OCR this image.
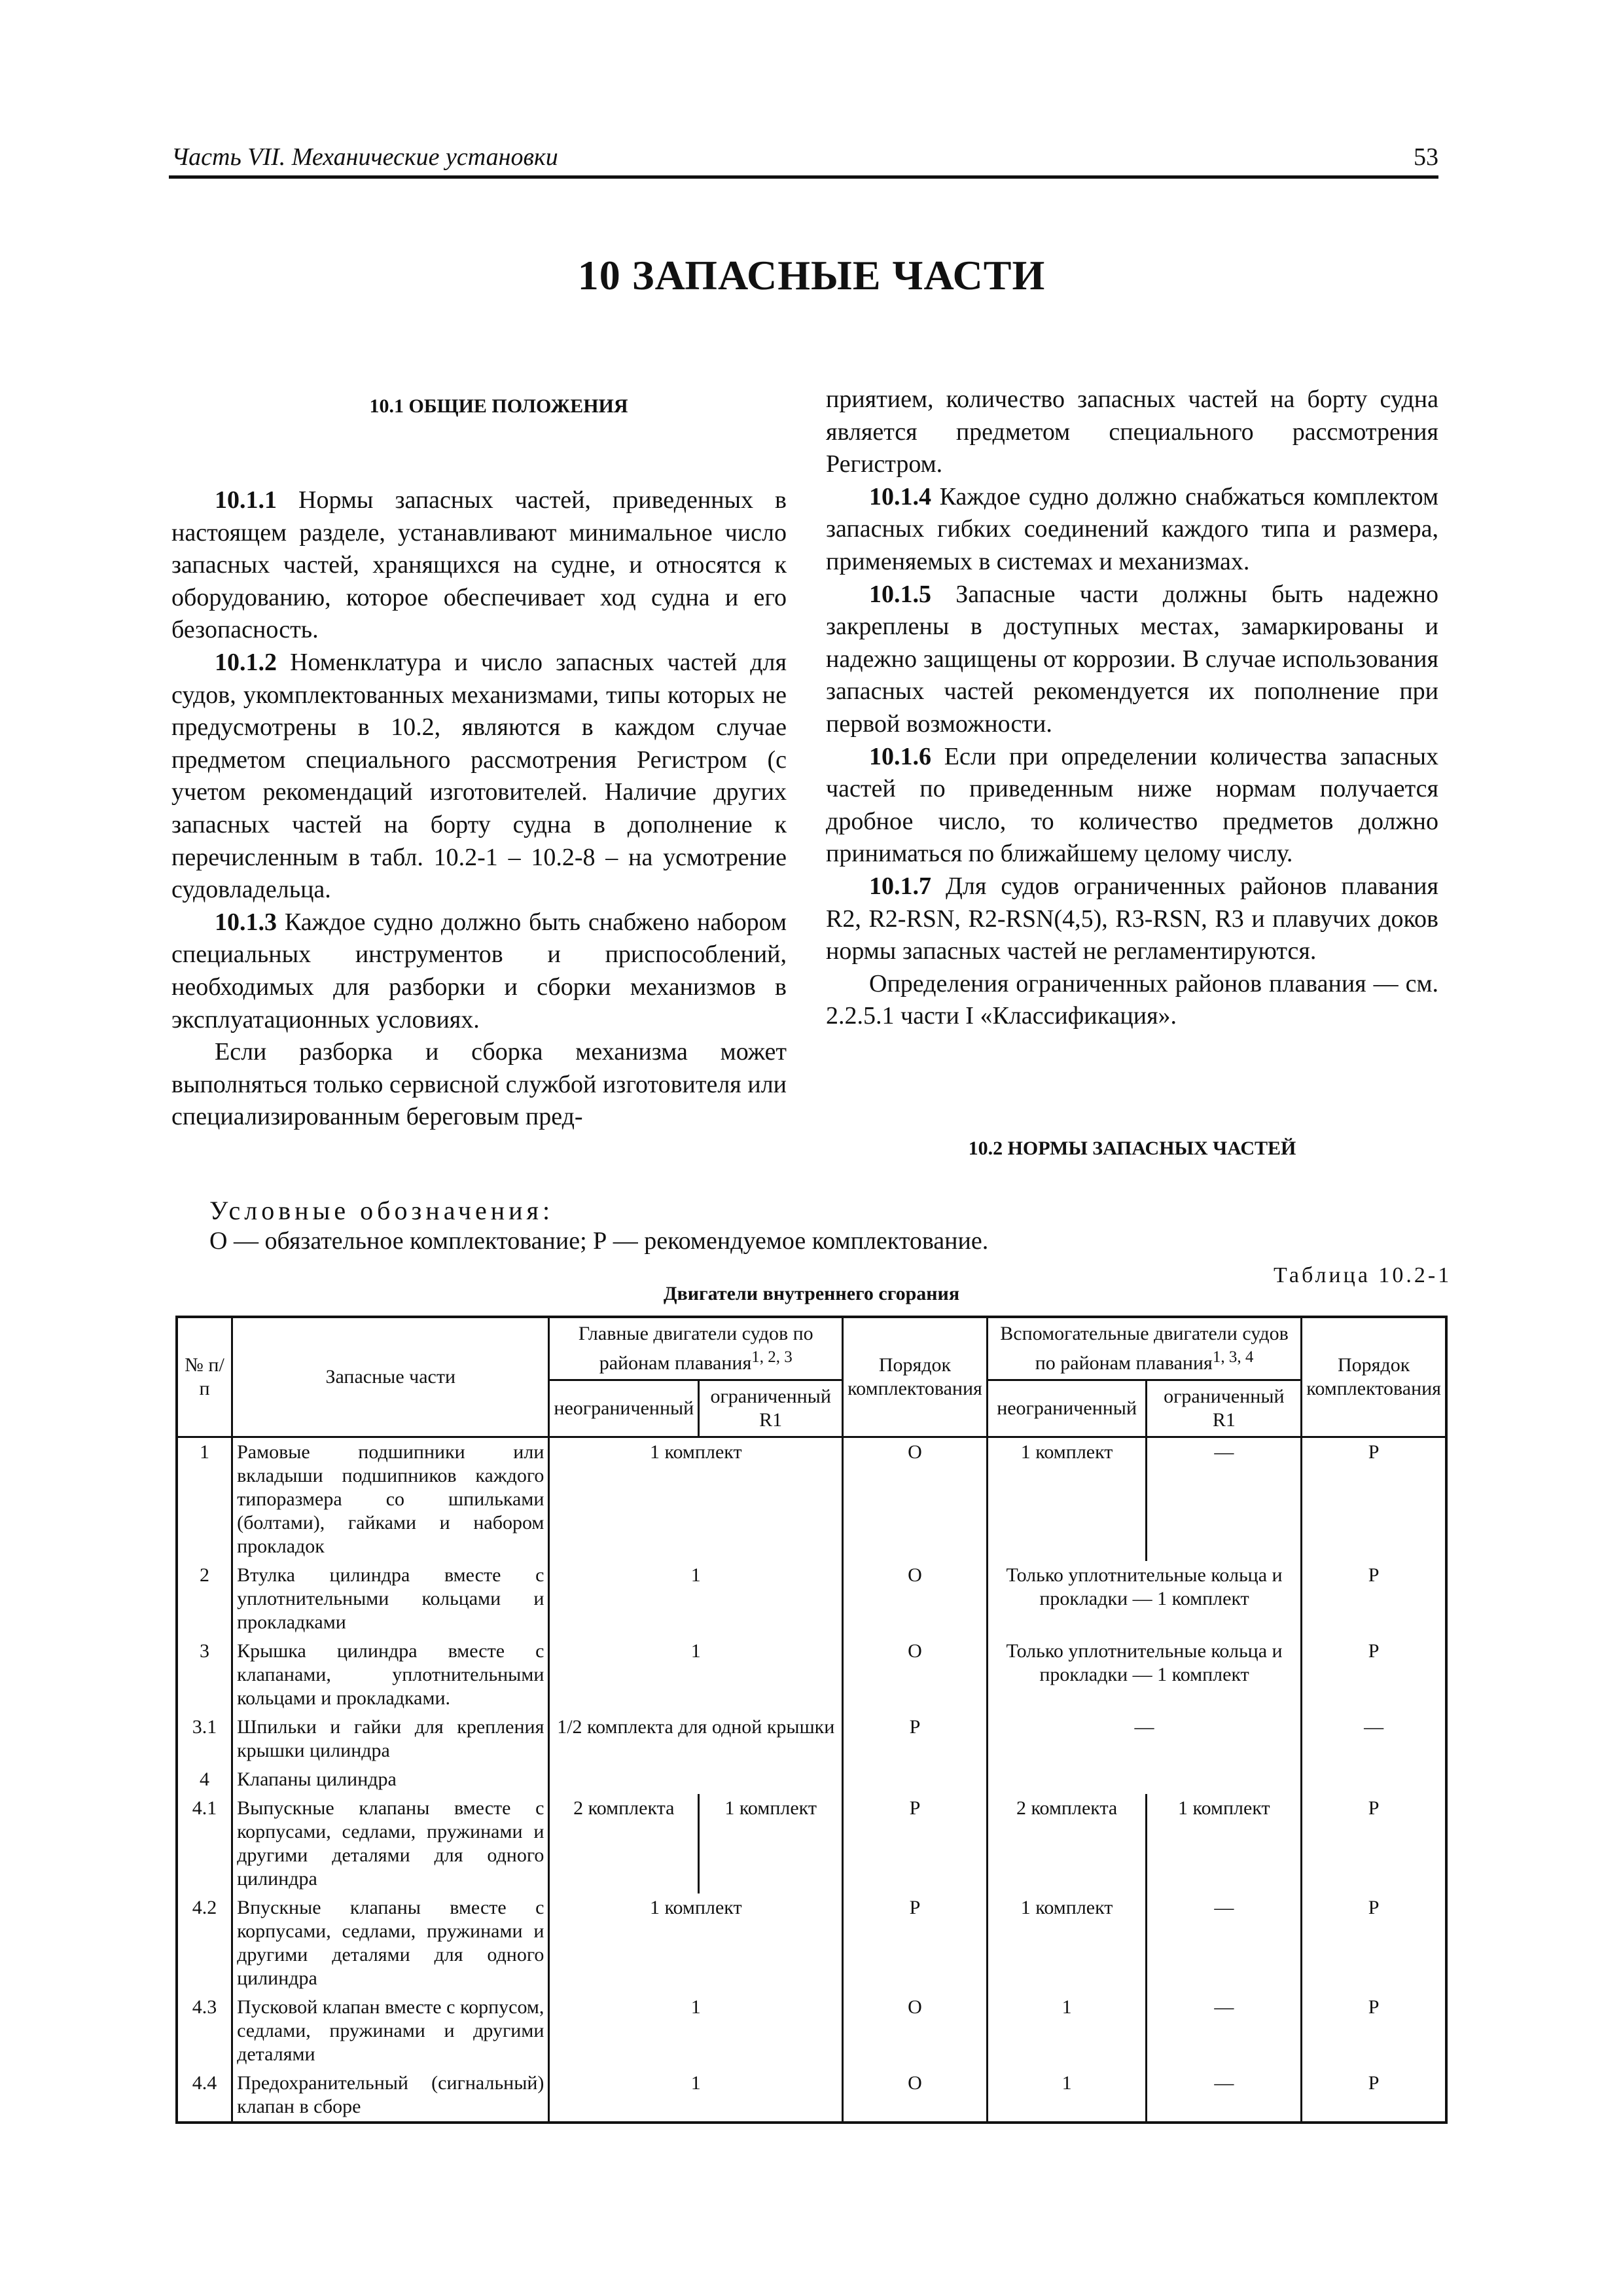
Часть VII. Механические установки	53
10 ЗАПАСНЫЕ ЧАСТИ
10.1 ОБЩИЕ ПОЛОЖЕНИЯ

10.1.1 Нормы запасных частей, приведенных в настоящем разделе, устанавливают минимальное число запасных частей, хранящихся на судне, и относятся к оборудованию, которое обеспечивает ход судна и его безопасность.

10.1.2 Номенклатура и число запасных частей для судов, укомплектованных механизмами, типы которых не предусмотрены в 10.2, являются в каждом случае предметом специального рассмотрения Регистром (с учетом рекомендаций изготовителей. Наличие других запасных частей на борту судна в дополнение к перечисленным в табл. 10.2-1 – 10.2-8 – на усмотрение судовладельца.

10.1.3 Каждое судно должно быть снабжено набором специальных инструментов и приспособлений, необходимых для разборки и сборки механизмов в эксплуатационных условиях.

Если разборка и сборка механизма может выполняться только сервисной службой изготовителя или специализированным береговым пред-

приятием, количество запасных частей на борту судна является предметом специального рассмотрения Регистром.

10.1.4 Каждое судно должно снабжаться комплектом запасных гибких соединений каждого типа и размера, применяемых в системах и механизмах.

10.1.5 Запасные части должны быть надежно закреплены в доступных местах, замаркированы и надежно защищены от коррозии. В случае использования запасных частей рекомендуется их пополнение при первой возможности.

10.1.6 Если при определении количества запасных частей по приведенным ниже нормам получается дробное число, то количество предметов должно приниматься по ближайшему целому числу.

10.1.7 Для судов ограниченных районов плавания R2, R2-RSN, R2-RSN(4,5), R3-RSN, R3 и плавучих доков нормы запасных частей не регламентируются.

Определения ограниченных районов плавания — см. 2.2.5.1 части I «Классификация».

10.2 НОРМЫ ЗАПАСНЫХ ЧАСТЕЙ
Условные обозначения:
О — обязательное комплектование; Р — рекомендуемое комплектование.
Таблица 10.2-1
Двигатели внутреннего сгорания
№ п/п	Запасные части	Главные двигатели судов по районам плавания$^{1, 2, 3}$		Порядок комплектования	Вспомогательные двигатели судов по районам плавания$^{1, 3, 4}$		Порядок комплектования
		неограниченный	ограниченный R1		неограниченный	ограниченный R1	
1	Рамовые подшипники или вкладыши подшипников каждого типоразмера со шпильками (болтами), гайками и набором прокладок	1 комплект		О	1 комплект	—	Р
2	Втулка цилиндра вместе с уплотнительными кольцами и прокладками	1		О	Только уплотнительные кольца и прокладки — 1 комплект		Р
3	Крышка цилиндра вместе с клапанами, уплотнительными кольцами и прокладками.	1		О	Только уплотнительные кольца и прокладки — 1 комплект		Р
3.1	Шпильки и гайки для крепления крышки цилиндра	1/2 комплекта для одной крышки		Р	—		—
4	Клапаны цилиндра						
4.1	Выпускные клапаны вместе с корпусами, седлами, пружинами и другими деталями для одного цилиндра	2 комплекта	1 комплект	Р	2 комплекта	1 комплект	Р
4.2	Впускные клапаны вместе с корпусами, седлами, пружинами и другими деталями для одного цилиндра	1 комплект		Р	1 комплект	—	Р
4.3	Пусковой клапан вместе с корпусом, седлами, пружинами и другими деталями	1		О	1	—	Р
4.4	Предохранительный (сигнальный) клапан в сборе	1		О	1	—	Р
